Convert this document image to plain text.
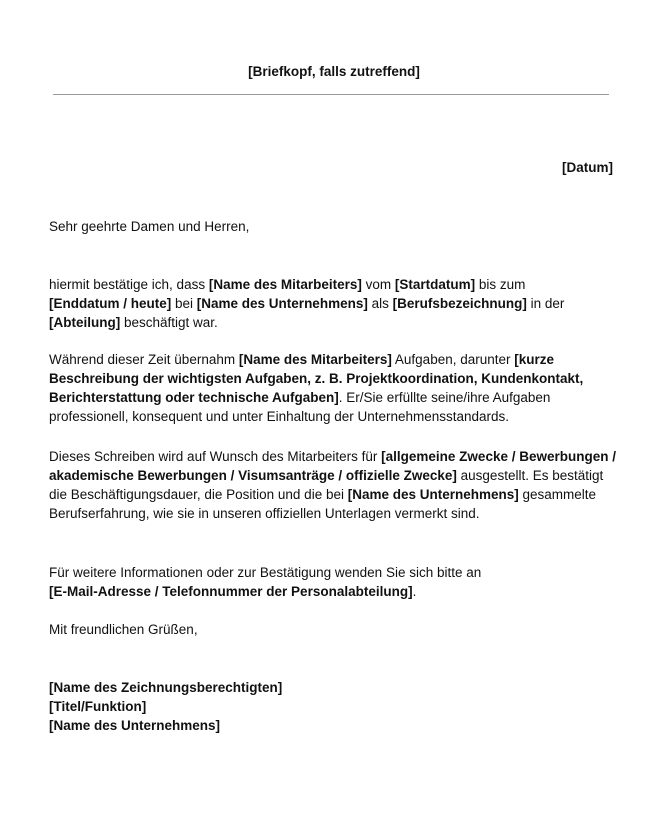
[Briefkopf, falls zutreffend]
[Datum]
Sehr geehrte Damen und Herren,
hiermit bestätige ich, dass [Name des Mitarbeiters] vom [Startdatum] bis zum
[Enddatum / heute] bei [Name des Unternehmens] als [Berufsbezeichnung] in der
[Abteilung] beschäftigt war.
Während dieser Zeit übernahm [Name des Mitarbeiters] Aufgaben, darunter [kurze Beschreibung der wichtigsten Aufgaben, z. B. Projektkoordination, Kundenkontakt, Berichterstattung oder technische Aufgaben]. Er/Sie erfüllte seine/ihre Aufgaben professionell, konsequent und unter Einhaltung der Unternehmensstandards.
Dieses Schreiben wird auf Wunsch des Mitarbeiters für [allgemeine Zwecke / Bewerbungen / akademische Bewerbungen / Visumsanträge / offizielle Zwecke] ausgestellt. Es bestätigt die Beschäftigungsdauer, die Position und die bei [Name des Unternehmens] gesammelte Berufserfahrung, wie sie in unseren offiziellen Unterlagen vermerkt sind.
Für weitere Informationen oder zur Bestätigung wenden Sie sich bitte an
[E-Mail-Adresse / Telefonnummer der Personalabteilung].
Mit freundlichen Grüßen,
[Name des Zeichnungsberechtigten]
[Titel/Funktion]
[Name des Unternehmens]
